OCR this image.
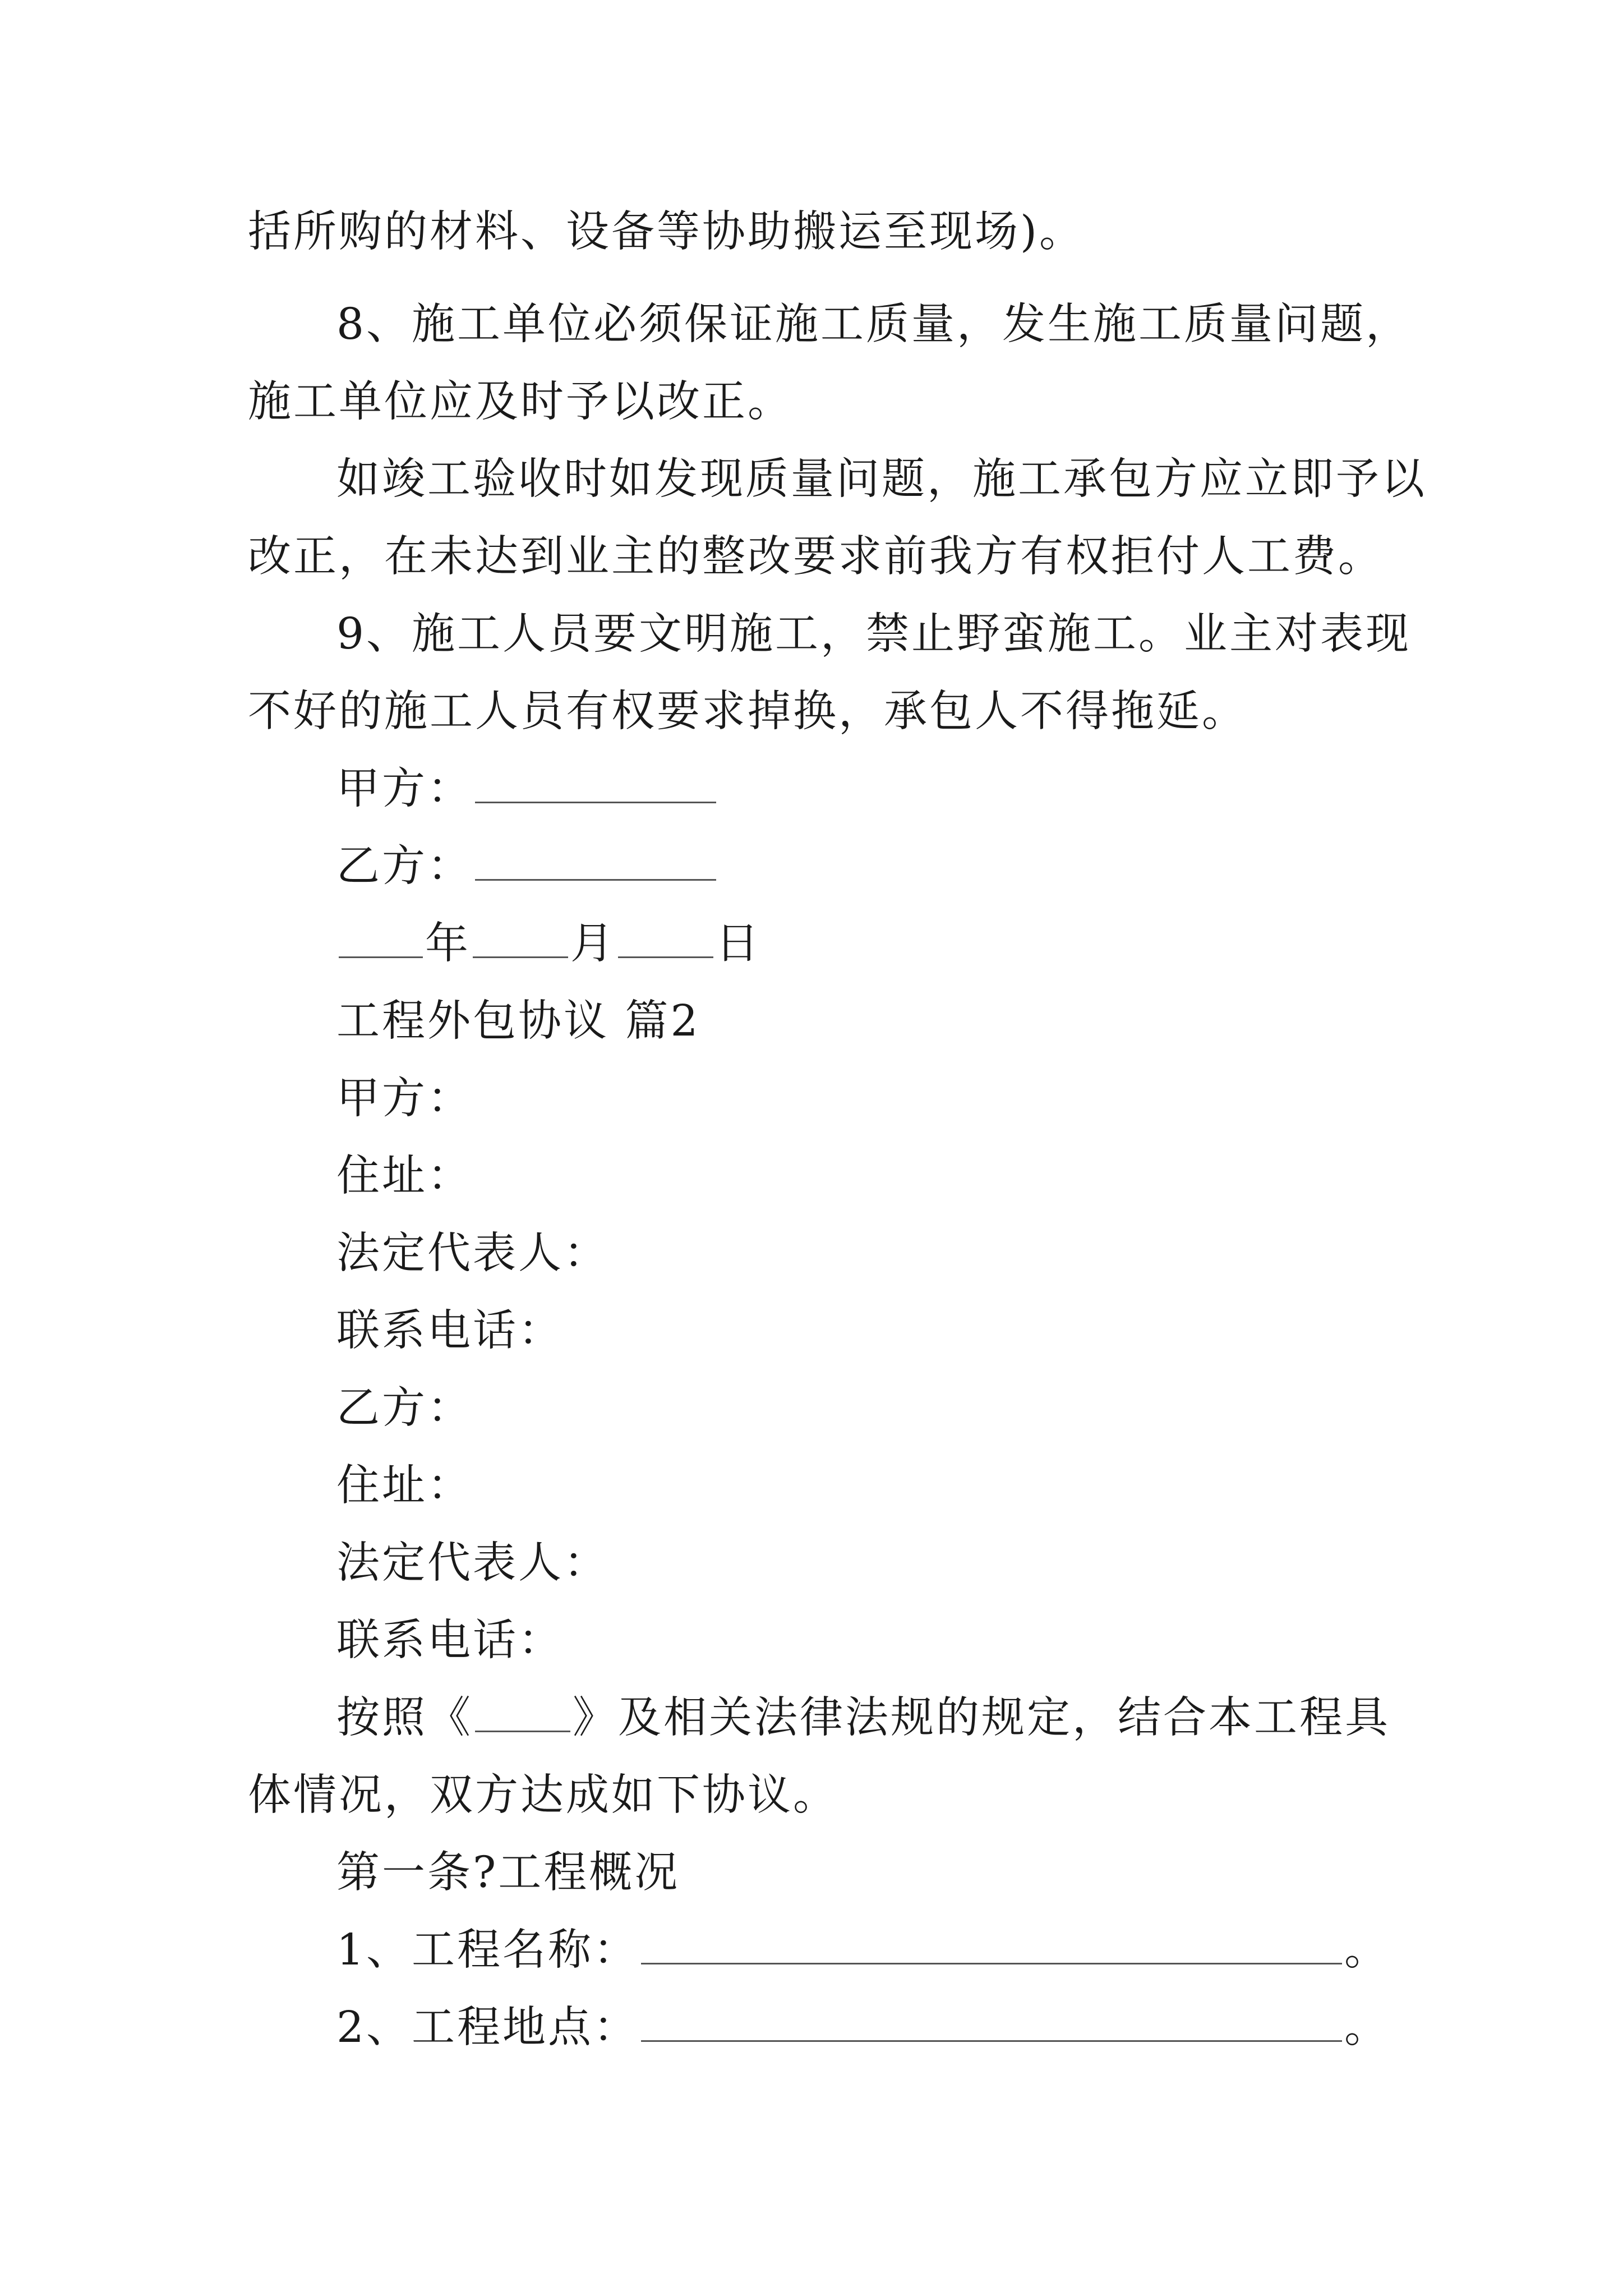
括所购的材料、设备等协助搬运至现场)。
8、施工单位必须保证施工质量，发生施工质量问题，
施工单位应及时予以改正。
如竣工验收时如发现质量问题，施工承包方应立即予以
改正，在未达到业主的整改要求前我方有权拒付人工费。
9、施工人员要文明施工，禁止野蛮施工。业主对表现
不好的施工人员有权要求掉换，承包人不得拖延。
甲方：
乙方：
年 月 日
工程外包协议 篇2
甲方：
住址：
法定代表人：
联系电话：
乙方：
住址：
法定代表人：
联系电话：
按照《 》及相关法律法规的规定，结合本工程具
体情况，双方达成如下协议。
第一条?工程概况
1、工程名称：	。
2、工程地点：	。
